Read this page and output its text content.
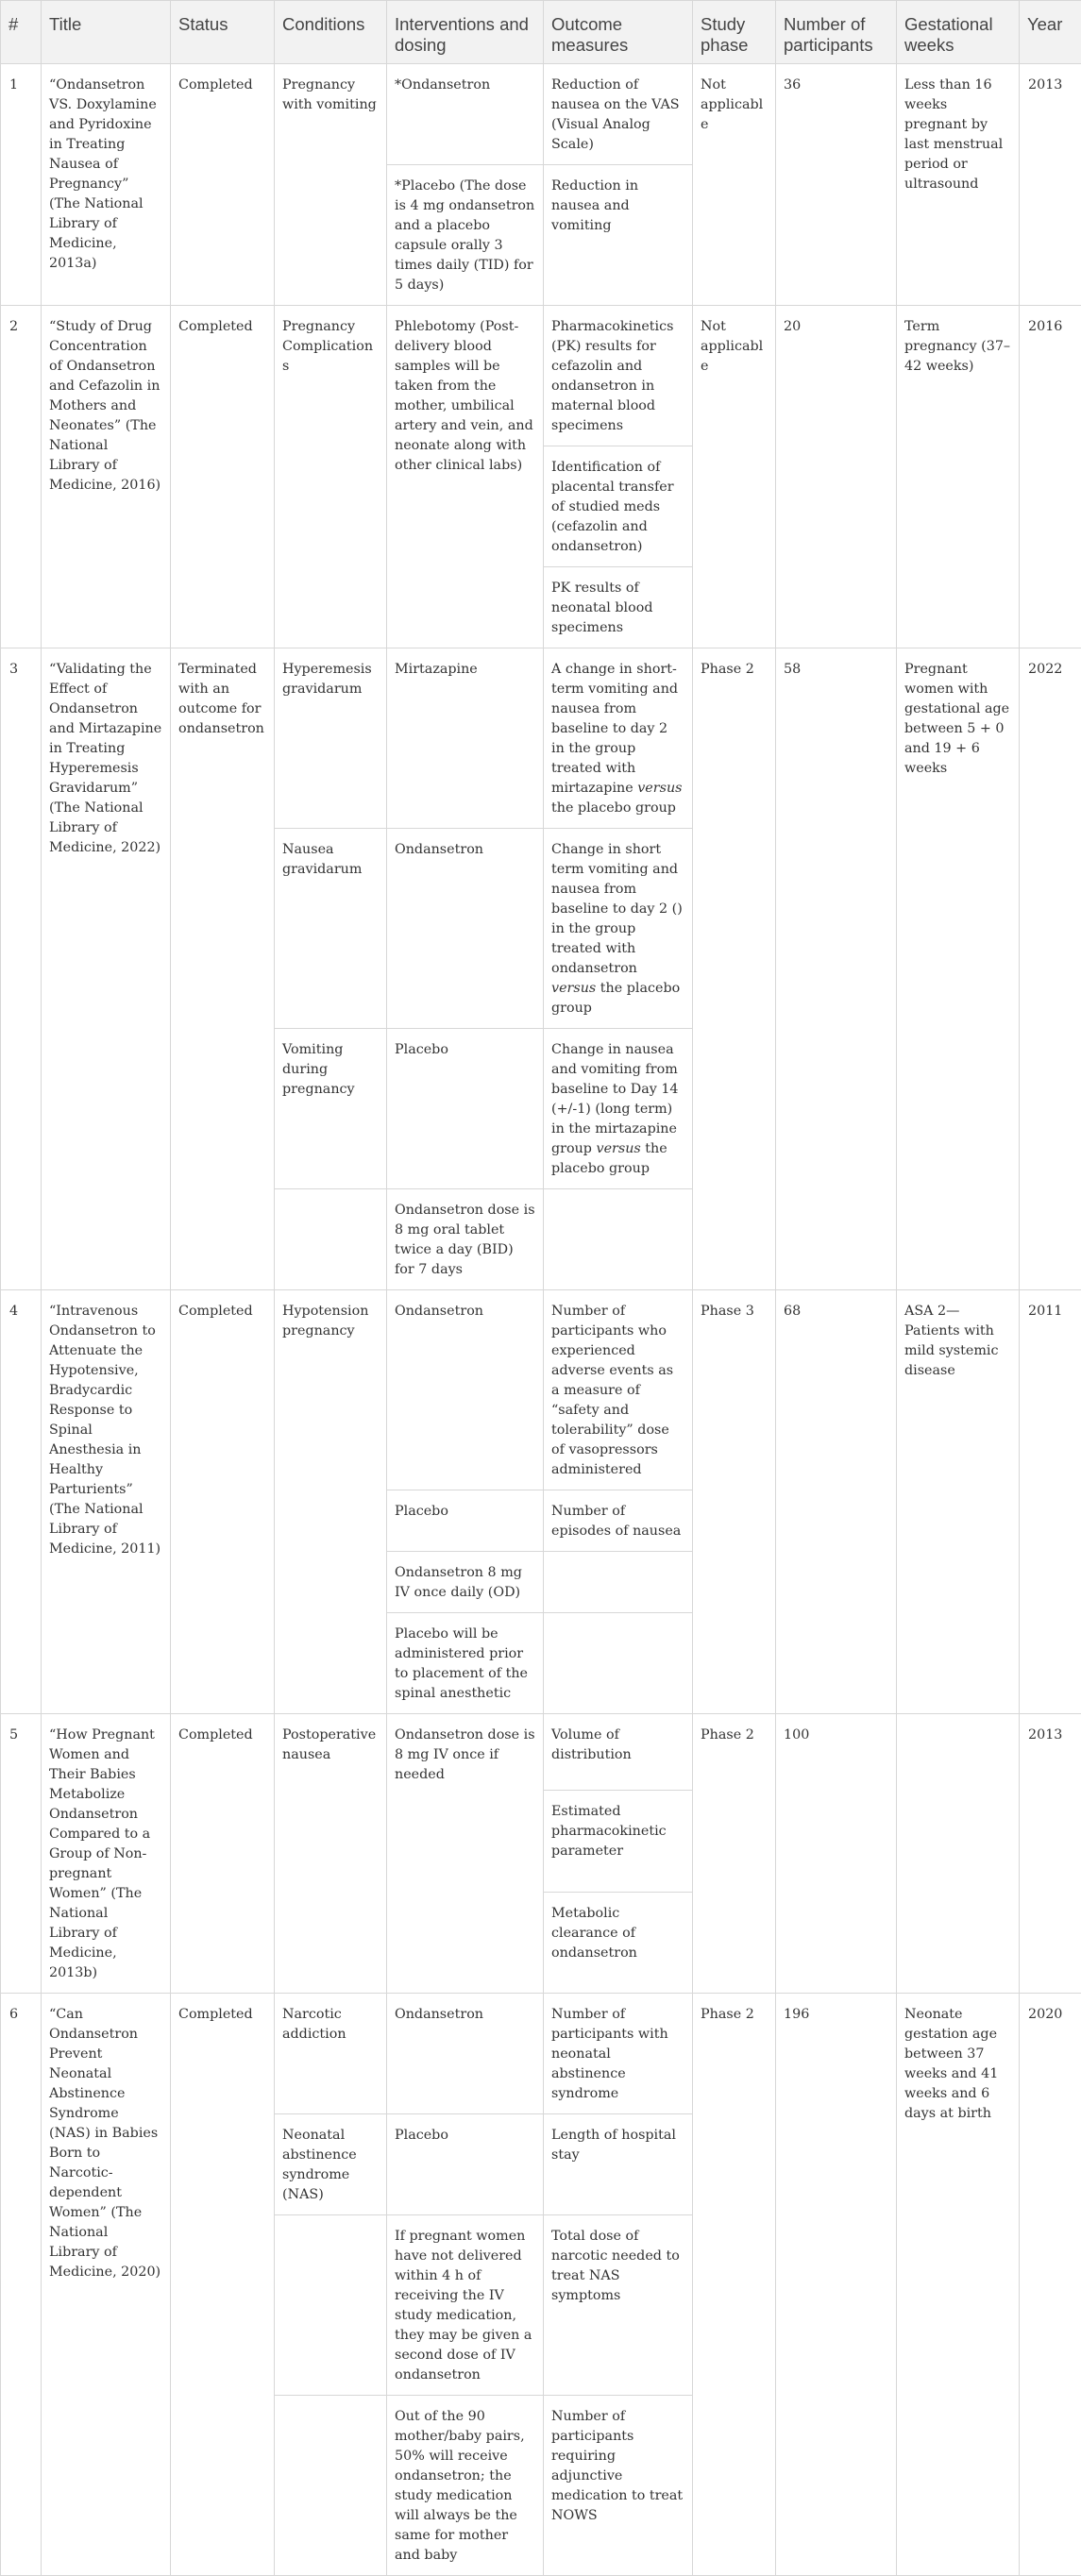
#	Title	Status	Conditions	Interventions and dosing	Outcome measures	Study phase	Number of participants	Gestational weeks	Year
1	“Ondansetron VS. Doxylamine and Pyridoxine in Treating Nausea of Pregnancy” (The National Library of Medicine, 2013a)	Completed	Pregnancy with vomiting	*Ondansetron	Reduction of nausea on the VAS (Visual Analog Scale)	Not applicable	36	Less than 16 weeks pregnant by last menstrual period or ultrasound	2013
				*Placebo (The dose is 4 mg ondansetron and a placebo capsule orally 3 times daily (TID) for 5 days)	Reduction in nausea and vomiting				
2	“Study of Drug Concentration of Ondansetron and Cefazolin in Mothers and Neonates” (The National Library of Medicine, 2016)	Completed	Pregnancy Complications	Phlebotomy (Post-delivery blood samples will be taken from the mother, umbilical artery and vein, and neonate along with other clinical labs)	Pharmacokinetics (PK) results for cefazolin and ondansetron in maternal blood specimens	Not applicable	20	Term pregnancy (37–42 weeks)	2016
					Identification of placental transfer of studied meds (cefazolin and ondansetron)				
					PK results of neonatal blood specimens				
3	“Validating the Effect of Ondansetron and Mirtazapine in Treating Hyperemesis Gravidarum” (The National Library of Medicine, 2022)	Terminated with an outcome for ondansetron	Hyperemesis gravidarum	Mirtazapine	A change in short-term vomiting and nausea from baseline to day 2 in the group treated with mirtazapine versus the placebo group	Phase 2	58	Pregnant women with gestational age between 5 + 0 and 19 + 6 weeks	2022
			Nausea gravidarum	Ondansetron	Change in short term vomiting and nausea from baseline to day 2 () in the group treated with ondansetron versus the placebo group				
			Vomiting during pregnancy	Placebo	Change in nausea and vomiting from baseline to Day 14 (+/-1) (long term) in the mirtazapine group versus the placebo group				
				Ondansetron dose is 8 mg oral tablet twice a day (BID) for 7 days					
4	“Intravenous Ondansetron to Attenuate the Hypotensive, Bradycardic Response to Spinal Anesthesia in Healthy Parturients” (The National Library of Medicine, 2011)	Completed	Hypotension pregnancy	Ondansetron	Number of participants who experienced adverse events as a measure of “safety and tolerability” dose of vasopressors administered	Phase 3	68	ASA 2—Patients with mild systemic disease	2011
				Placebo	Number of episodes of nausea				
				Ondansetron 8 mg IV once daily (OD)					
				Placebo will be administered prior to placement of the spinal anesthetic					
5	“How Pregnant Women and Their Babies Metabolize Ondansetron Compared to a Group of Non-pregnant Women” (The National Library of Medicine, 2013b)	Completed	Postoperative nausea	Ondansetron dose is 8 mg IV once if needed	Volume of distribution	Phase 2	100		2013
					Estimated pharmacokinetic parameter				
					Metabolic clearance of ondansetron				
6	“Can Ondansetron Prevent Neonatal Abstinence Syndrome (NAS) in Babies Born to Narcotic-dependent Women” (The National Library of Medicine, 2020)	Completed	Narcotic addiction	Ondansetron	Number of participants with neonatal abstinence syndrome	Phase 2	196	Neonate gestation age between 37 weeks and 41 weeks and 6 days at birth	2020
			Neonatal abstinence syndrome (NAS)	Placebo	Length of hospital stay				
				If pregnant women have not delivered within 4 h of receiving the IV study medication, they may be given a second dose of IV ondansetron	Total dose of narcotic needed to treat NAS symptoms				
				Out of the 90 mother/baby pairs, 50% will receive ondansetron; the study medication will always be the same for mother and baby	Number of participants requiring adjunctive medication to treat NOWS				
